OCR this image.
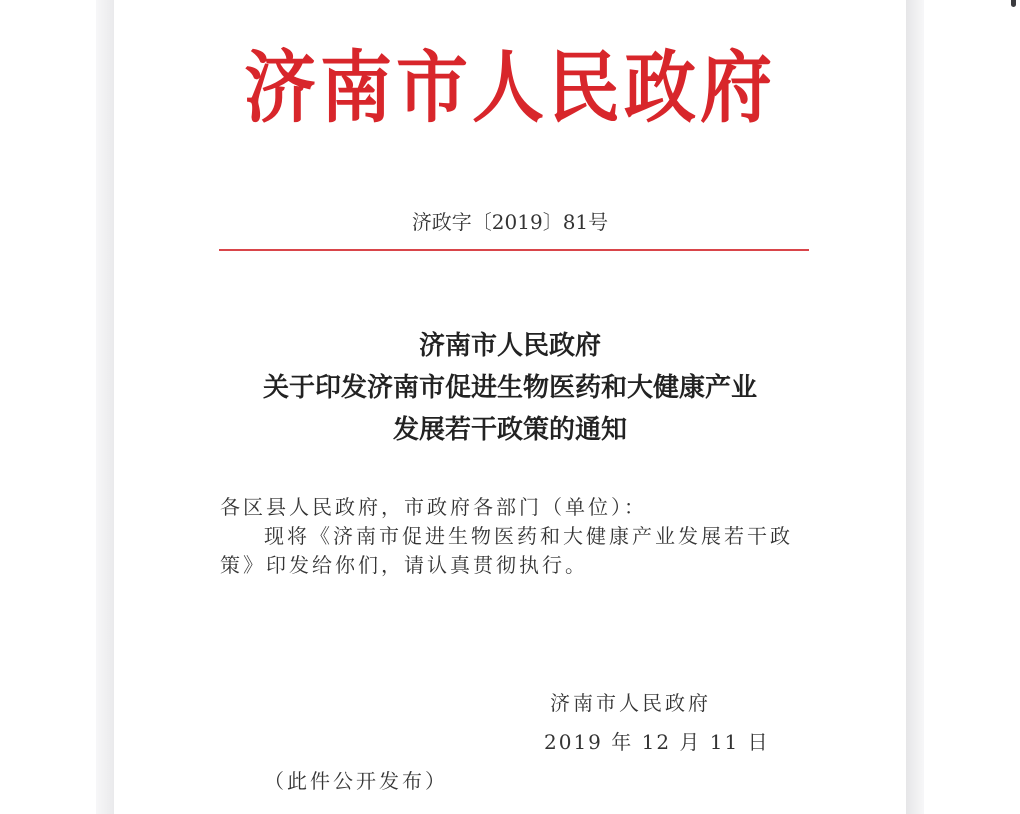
济南市人民政府
济政字〔2019〕81号
济南市人民政府
关于印发济南市促进生物医药和大健康产业
发展若干政策的通知

各区县人民政府，市政府各部门（单位）：

现将《济南市促进生物医药和大健康产业发展若干政策》印发给你们，请认真贯彻执行。

济南市人民政府
2019 年 12 月 11 日
（此件公开发布）
